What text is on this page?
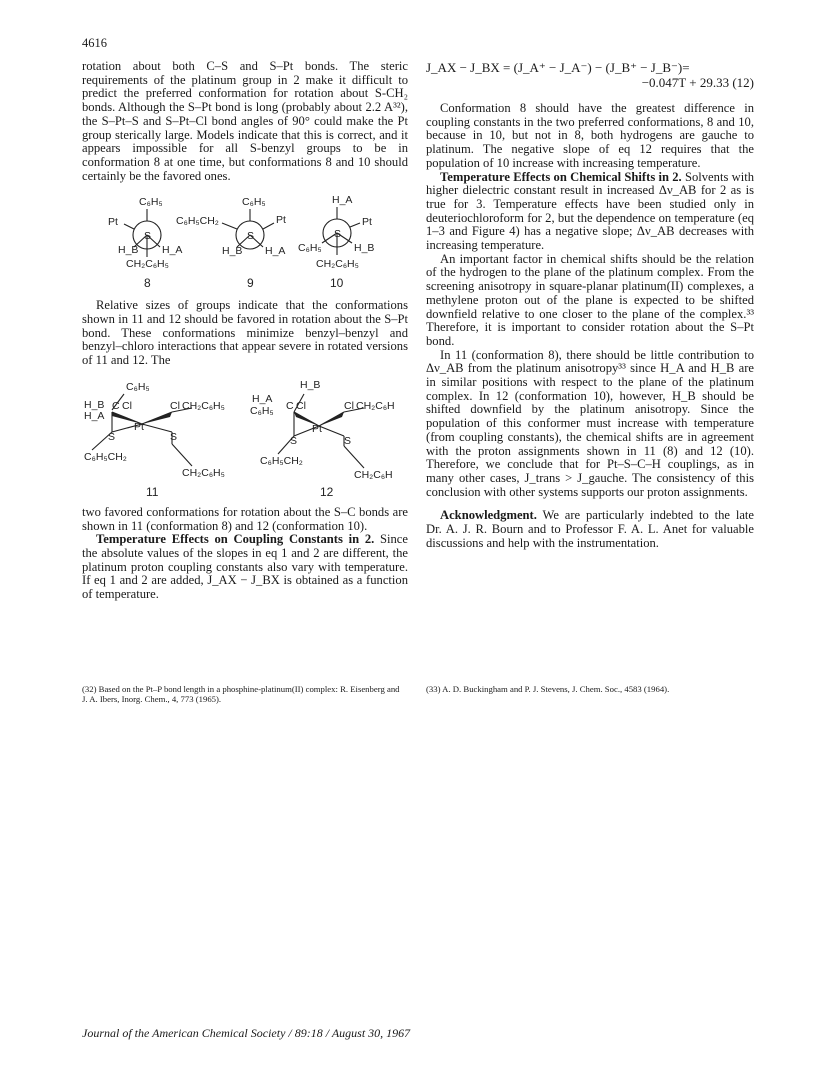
4616

rotation about both C–S and S–Pt bonds. The steric requirements of the platinum group in 2 make it difficult to predict the preferred conformation for rotation about S-CH₂ bonds. Although the S–Pt bond is long (probably about 2.2 A³²), the S–Pt–S and S–Pt–Cl bond angles of 90° could make the Pt group sterically large. Models indicate that this is correct, and it appears impossible for all S-benzyl groups to be in conformation 8 at one time, but conformations 8 and 10 should certainly be the favored ones.

C₆H₅
Pt
S
H_B H_A
CH₂C₆H₅
C₆H₅
C₆H₅CH₂	Pt
S
H_B H_A
H_A
Pt
S
C₆H₅	H_B
CH₂C₆H₅
8	9	10

Relative sizes of groups indicate that the conformations shown in 11 and 12 should be favored in rotation about the S–Pt bond. These conformations minimize benzyl–benzyl and benzyl–chloro interactions that appear severe in rotated versions of 11 and 12. The

C₆H₅
H_B
H_A
C Cl	Cl CH₂C₆H₅
Pt
S	S
C₆H₅CH₂
CH₂C₆H₅
H_B
H_A
C₆H₅ C Cl	Cl CH₂C₆H
Pt
S	S
C₆H₅CH₂
CH₂C₆H
11	12

two favored conformations for rotation about the S–C bonds are shown in 11 (conformation 8) and 12 (conformation 10).

Temperature Effects on Coupling Constants in 2. Since the absolute values of the slopes in eq 1 and 2 are different, the platinum proton coupling constants also vary with temperature. If eq 1 and 2 are added, J_AX − J_BX is obtained as a function of temperature.

J_AX − J_BX = (J_A⁺ − J_A⁻) − (J_B⁺ − J_B⁻)=
−0.047T + 29.33 (12)

Conformation 8 should have the greatest difference in coupling constants in the two preferred conformations, 8 and 10, because in 10, but not in 8, both hydrogens are gauche to platinum. The negative slope of eq 12 requires that the population of 10 increase with increasing temperature.

Temperature Effects on Chemical Shifts in 2. Solvents with higher dielectric constant result in increased Δν_AB for 2 as is true for 3. Temperature effects have been studied only in deuteriochloroform for 2, but the dependence on temperature (eq 1–3 and Figure 4) has a negative slope; Δν_AB decreases with increasing temperature.

An important factor in chemical shifts should be the relation of the hydrogen to the plane of the platinum complex. From the screening anisotropy in square-planar platinum(II) complexes, a methylene proton out of the plane is expected to be shifted downfield relative to one closer to the plane of the complex.³³ Therefore, it is important to consider rotation about the S–Pt bond.

In 11 (conformation 8), there should be little contribution to Δν_AB from the platinum anisotropy³³ since H_A and H_B are in similar positions with respect to the plane of the platinum complex. In 12 (conformation 10), however, H_B should be shifted downfield by the platinum anisotropy. Since the population of this conformer must increase with temperature (from coupling constants), the chemical shifts are in agreement with the proton assignments shown in 11 (8) and 12 (10). Therefore, we conclude that for Pt–S–C–H couplings, as in many other cases, J_trans > J_gauche. The consistency of this conclusion with other systems supports our proton assignments.

Acknowledgment. We are particularly indebted to the late Dr. A. J. R. Bourn and to Professor F. A. L. Anet for valuable discussions and help with the instrumentation.

(32) Based on the Pt–P bond length in a phosphine-platinum(II) complex: R. Eisenberg and J. A. Ibers, Inorg. Chem., 4, 773 (1965).
(33) A. D. Buckingham and P. J. Stevens, J. Chem. Soc., 4583 (1964).
Journal of the American Chemical Society / 89:18 / August 30, 1967
